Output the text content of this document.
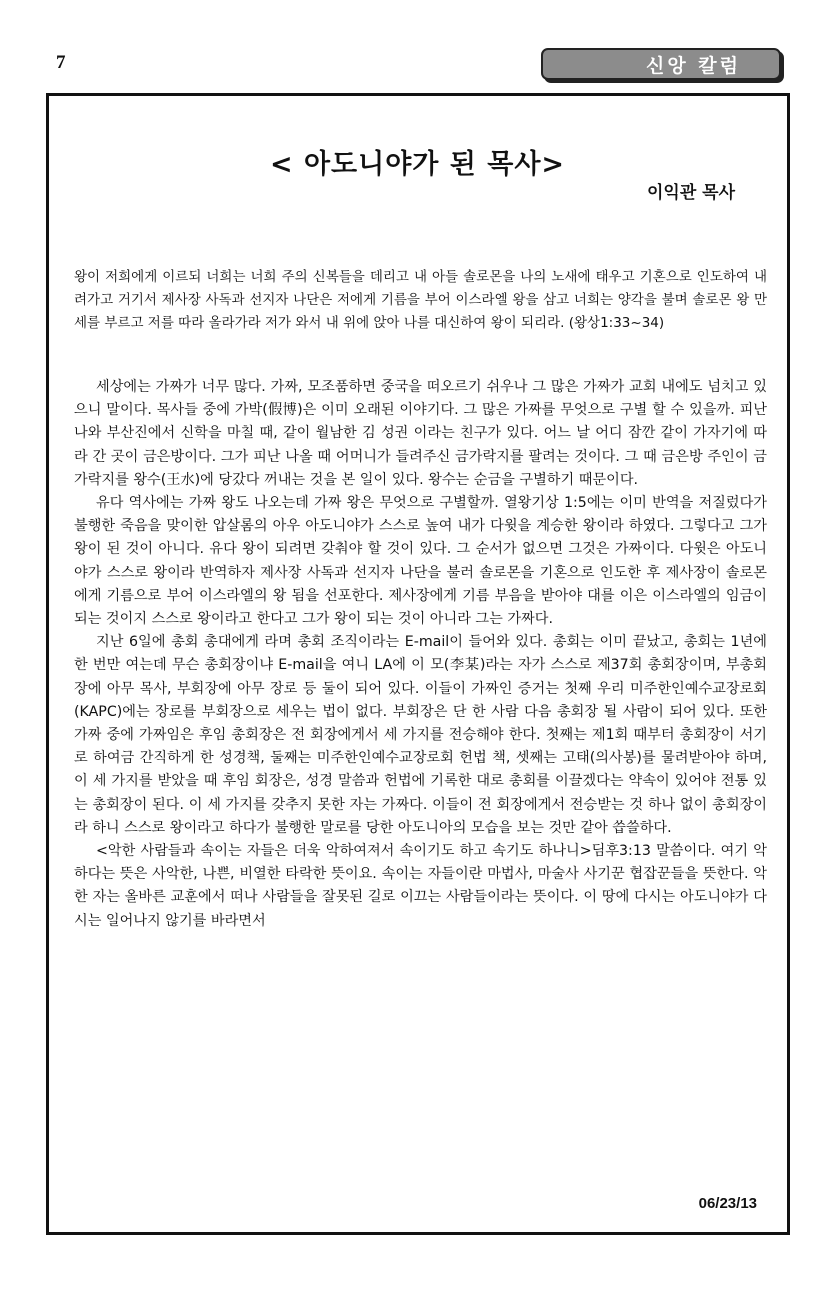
7	신앙 칼럼
< 아도니야가 된 목사>
이익관 목사
왕이 저희에게 이르되 너희는 너희 주의 신복들을 데리고 내 아들 솔로몬을 나의 노새에 태우고 기혼으로 인도하여 내려가고 거기서 제사장 사독과 선지자 나단은 저에게 기름을 부어 이스라엘 왕을 삼고 너희는 양각을 불며 솔로몬 왕 만세를 부르고 저를 따라 올라가라 저가 와서 내 위에 앉아 나를 대신하여 왕이 되리라. (왕상1:33~34)

세상에는 가짜가 너무 많다. 가짜, 모조품하면 중국을 떠오르기 쉬우나 그 많은 가짜가 교회 내에도 넘치고 있으니 말이다. 목사들 중에 가박(假博)은 이미 오래된 이야기다. 그 많은 가짜를 무엇으로 구별 할 수 있을까. 피난 나와 부산진에서 신학을 마칠 때, 같이 월남한 김 성권 이라는 친구가 있다. 어느 날 어디 잠깐 같이 가자기에 따라 간 곳이 금은방이다. 그가 피난 나올 때 어머니가 들려주신 금가락지를 팔려는 것이다. 그 때 금은방 주인이 금가락지를 왕수(王水)에 당갔다 꺼내는 것을 본 일이 있다. 왕수는 순금을 구별하기 때문이다.

유다 역사에는 가짜 왕도 나오는데 가짜 왕은 무엇으로 구별할까. 열왕기상 1:5에는 이미 반역을 저질렀다가 불행한 죽음을 맞이한 압살롬의 아우 아도니야가 스스로 높여 내가 다윗을 계승한 왕이라 하였다. 그렇다고 그가 왕이 된 것이 아니다. 유다 왕이 되려면 갖춰야 할 것이 있다. 그 순서가 없으면 그것은 가짜이다. 다윗은 아도니야가 스스로 왕이라 반역하자 제사장 사독과 선지자 나단을 불러 솔로몬을 기혼으로 인도한 후 제사장이 솔로몬에게 기름으로 부어 이스라엘의 왕 됨을 선포한다. 제사장에게 기름 부음을 받아야 대를 이은 이스라엘의 임금이 되는 것이지 스스로 왕이라고 한다고 그가 왕이 되는 것이 아니라 그는 가짜다.

지난 6일에 총회 총대에게 라며 총회 조직이라는 E-mail이 들어와 있다. 총회는 이미 끝났고, 총회는 1년에 한 번만 여는데 무슨 총회장이냐 E-mail을 여니 LA에 이 모(李某)라는 자가 스스로 제37회 총회장이며, 부총회장에 아무 목사, 부회장에 아무 장로 등 둘이 되어 있다. 이들이 가짜인 증거는 첫째 우리 미주한인예수교장로회(KAPC)에는 장로를 부회장으로 세우는 법이 없다. 부회장은 단 한 사람 다음 총회장 될 사람이 되어 있다. 또한 가짜 중에 가짜임은 후임 총회장은 전 회장에게서 세 가지를 전승해야 한다. 첫째는 제1회 때부터 총회장이 서기로 하여금 간직하게 한 성경책, 둘째는 미주한인예수교장로회 헌법 책, 셋째는 고태(의사봉)를 물려받아야 하며, 이 세 가지를 받았을 때 후임 회장은, 성경 말씀과 헌법에 기록한 대로 총회를 이끌겠다는 약속이 있어야 전통 있는 총회장이 된다. 이 세 가지를 갖추지 못한 자는 가짜다. 이들이 전 회장에게서 전승받는 것 하나 없이 총회장이라 하니 스스로 왕이라고 하다가 불행한 말로를 당한 아도니아의 모습을 보는 것만 같아 씁쓸하다.

<악한 사람들과 속이는 자들은 더욱 악하여져서 속이기도 하고 속기도 하나니>딤후3:13 말씀이다. 여기 악하다는 뜻은 사악한, 나쁜, 비열한 타락한 뜻이요. 속이는 자들이란 마법사, 마술사 사기꾼 협잡꾼들을 뜻한다. 악한 자는 올바른 교훈에서 떠나 사람들을 잘못된 길로 이끄는 사람들이라는 뜻이다. 이 땅에 다시는 아도니야가 다시는 일어나지 않기를 바라면서

06/23/13
